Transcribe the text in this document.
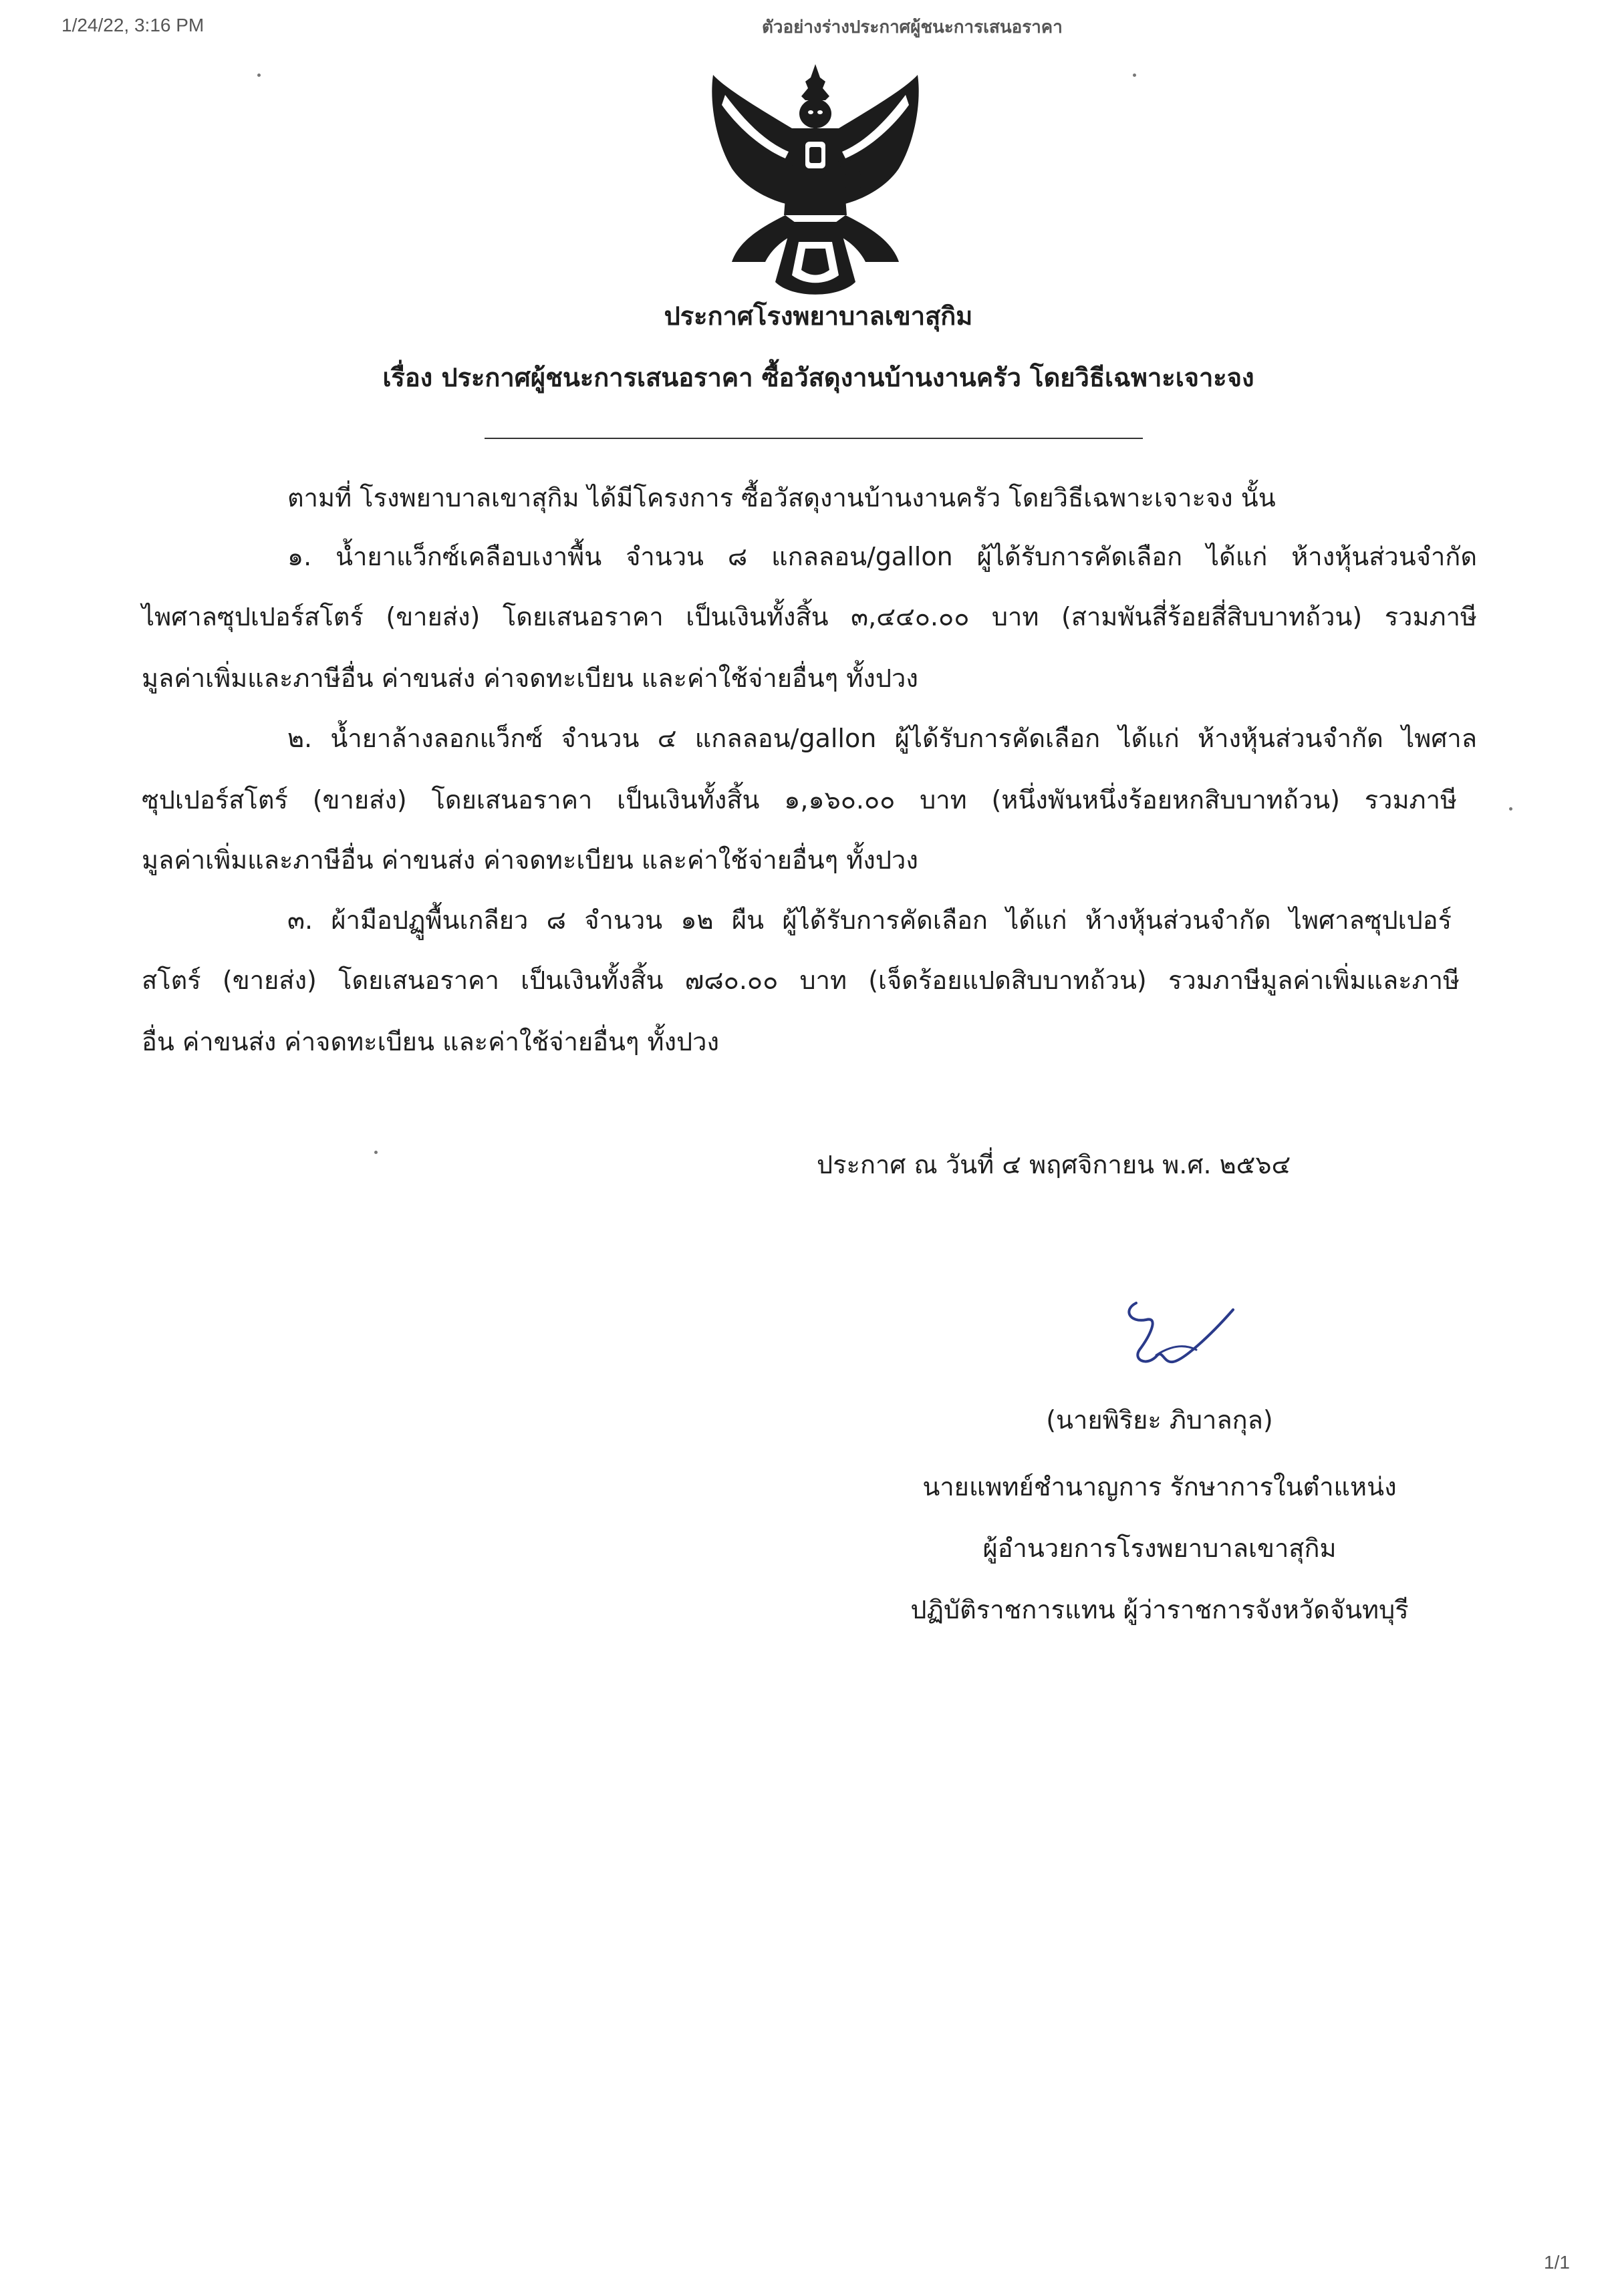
1/24/22, 3:16 PM	ตัวอย่างร่างประกาศผู้ชนะการเสนอราคา
ประกาศโรงพยาบาลเขาสุกิม
เรื่อง ประกาศผู้ชนะการเสนอราคา ซื้อวัสดุงานบ้านงานครัว โดยวิธีเฉพาะเจาะจง
ตามที่ โรงพยาบาลเขาสุกิม ได้มีโครงการ ซื้อวัสดุงานบ้านงานครัว โดยวิธีเฉพาะเจาะจง นั้น
๑. น้ำยาแว็กซ์เคลือบเงาพื้น จำนวน ๘ แกลลอน/gallon ผู้ได้รับการคัดเลือก ได้แก่ ห้างหุ้นส่วนจำกัด
ไพศาลซุปเปอร์สโตร์ (ขายส่ง) โดยเสนอราคา เป็นเงินทั้งสิ้น ๓,๔๔๐.๐๐ บาท (สามพันสี่ร้อยสี่สิบบาทถ้วน) รวมภาษี
มูลค่าเพิ่มและภาษีอื่น ค่าขนส่ง ค่าจดทะเบียน และค่าใช้จ่ายอื่นๆ ทั้งปวง
๒. น้ำยาล้างลอกแว็กซ์ จำนวน ๔ แกลลอน/gallon ผู้ได้รับการคัดเลือก ได้แก่ ห้างหุ้นส่วนจำกัด ไพศาล
ซุปเปอร์สโตร์ (ขายส่ง) โดยเสนอราคา เป็นเงินทั้งสิ้น ๑,๑๖๐.๐๐ บาท (หนึ่งพันหนึ่งร้อยหกสิบบาทถ้วน) รวมภาษี
มูลค่าเพิ่มและภาษีอื่น ค่าขนส่ง ค่าจดทะเบียน และค่าใช้จ่ายอื่นๆ ทั้งปวง
๓. ผ้ามือปฏูพื้นเกลียว ๘ จำนวน ๑๒ ผืน ผู้ได้รับการคัดเลือก ได้แก่ ห้างหุ้นส่วนจำกัด ไพศาลซุปเปอร์
สโตร์ (ขายส่ง) โดยเสนอราคา เป็นเงินทั้งสิ้น ๗๘๐.๐๐ บาท (เจ็ดร้อยแปดสิบบาทถ้วน) รวมภาษีมูลค่าเพิ่มและภาษี
อื่น ค่าขนส่ง ค่าจดทะเบียน และค่าใช้จ่ายอื่นๆ ทั้งปวง
ประกาศ ณ วันที่ ๔ พฤศจิกายน พ.ศ. ๒๕๖๔
(นายพิริยะ ภิบาลกุล)
นายแพทย์ชำนาญการ รักษาการในตำแหน่ง
ผู้อำนวยการโรงพยาบาลเขาสุกิม
ปฏิบัติราชการแทน ผู้ว่าราชการจังหวัดจันทบุรี
1/1
